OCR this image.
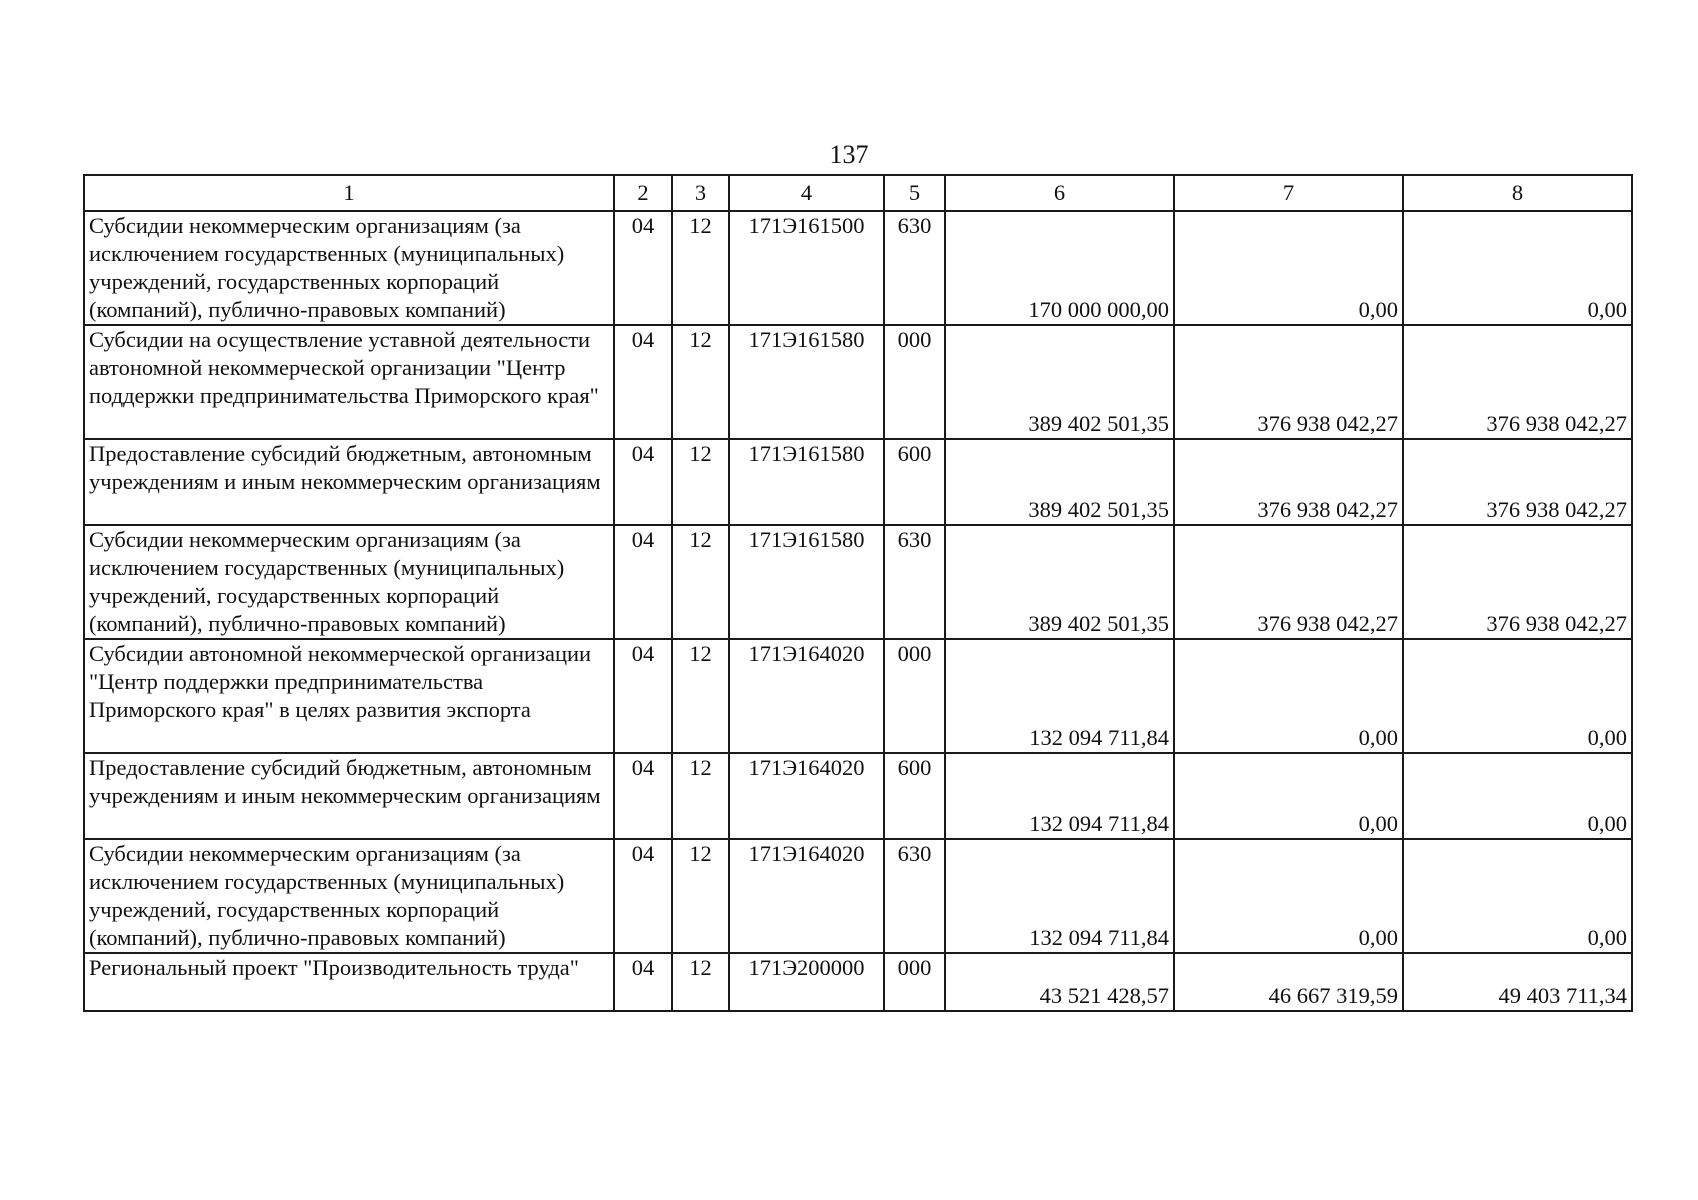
137
1	2	3	4	5	6	7	8
Субсидии некоммерческим организациям (за исключением государственных (муниципальных) учреждений, государственных корпораций (компаний), публично-правовых компаний)	04	12	171Э161500	630	170 000 000,00	0,00	0,00
Субсидии на осуществление уставной деятельности автономной некоммерческой организации "Центр поддержки предпринимательства Приморского края"	04	12	171Э161580	000	389 402 501,35	376 938 042,27	376 938 042,27
Предоставление субсидий бюджетным, автономным учреждениям и иным некоммерческим организациям	04	12	171Э161580	600	389 402 501,35	376 938 042,27	376 938 042,27
Субсидии некоммерческим организациям (за исключением государственных (муниципальных) учреждений, государственных корпораций (компаний), публично-правовых компаний)	04	12	171Э161580	630	389 402 501,35	376 938 042,27	376 938 042,27
Субсидии автономной некоммерческой организации "Центр поддержки предпринимательства Приморского края" в целях развития экспорта	04	12	171Э164020	000	132 094 711,84	0,00	0,00
Предоставление субсидий бюджетным, автономным учреждениям и иным некоммерческим организациям	04	12	171Э164020	600	132 094 711,84	0,00	0,00
Субсидии некоммерческим организациям (за исключением государственных (муниципальных) учреждений, государственных корпораций (компаний), публично-правовых компаний)	04	12	171Э164020	630	132 094 711,84	0,00	0,00
Региональный проект "Производительность труда"	04	12	171Э200000	000	43 521 428,57	46 667 319,59	49 403 711,34
